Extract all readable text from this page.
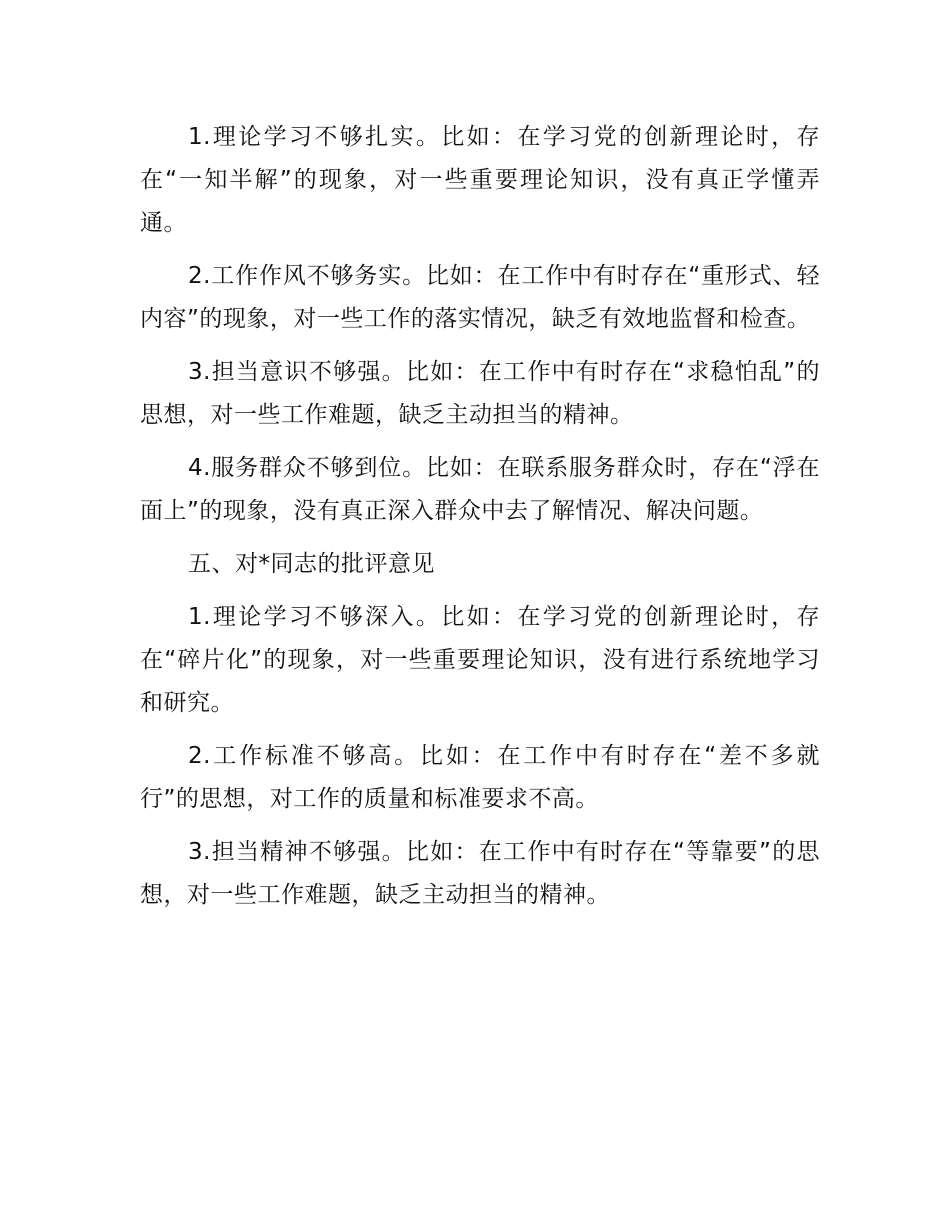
1.理论学习不够扎实。比如：在学习党的创新理论时，存在“一知半解”的现象，对一些重要理论知识，没有真正学懂弄通。

2.工作作风不够务实。比如：在工作中有时存在“重形式、轻内容”的现象，对一些工作的落实情况，缺乏有效地监督和检查。

3.担当意识不够强。比如：在工作中有时存在“求稳怕乱”的思想，对一些工作难题，缺乏主动担当的精神。

4.服务群众不够到位。比如：在联系服务群众时，存在“浮在面上”的现象，没有真正深入群众中去了解情况、解决问题。

五、对*同志的批评意见

1.理论学习不够深入。比如：在学习党的创新理论时，存在“碎片化”的现象，对一些重要理论知识，没有进行系统地学习和研究。

2.工作标准不够高。比如：在工作中有时存在“差不多就行”的思想，对工作的质量和标准要求不高。

3.担当精神不够强。比如：在工作中有时存在“等靠要”的思想，对一些工作难题，缺乏主动担当的精神。
